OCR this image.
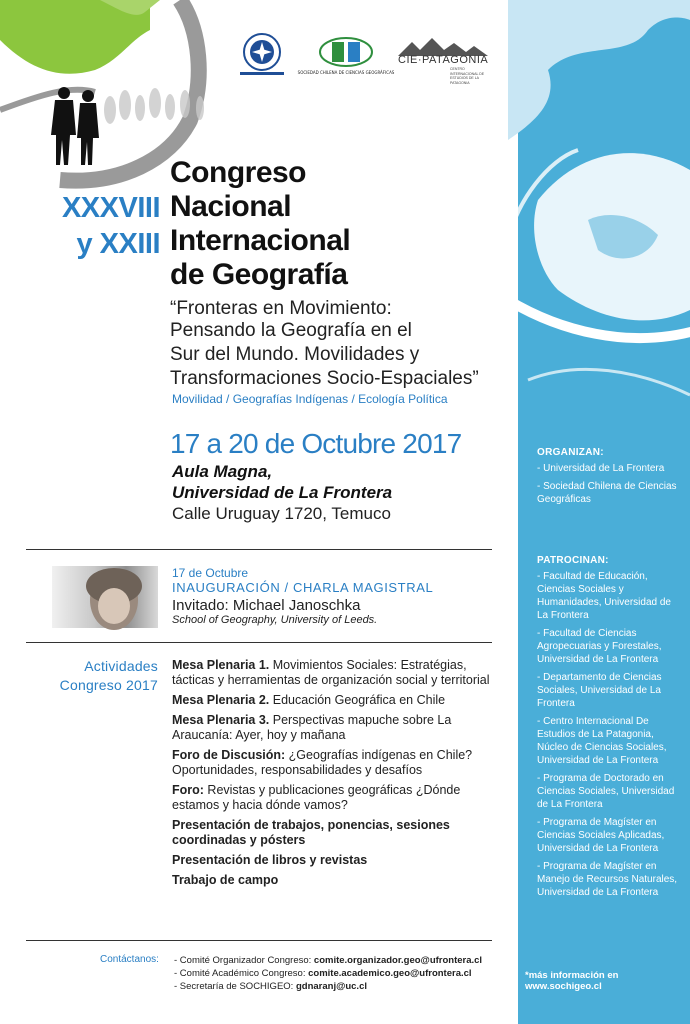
SOCIEDAD CHILENA DE CIENCIAS GEOGRÁFICAS
CIE·PATAGONIA
CENTRO INTERNACIONAL DE ESTUDIOS DE LA PATAGONIA
ORGANIZAN:
- Universidad de La Frontera
- Sociedad Chilena de Ciencias Geográficas
PATROCINAN:
- Facultad de Educación, Ciencias Sociales y Humanidades, Universidad de La Frontera
- Facultad de Ciencias Agropecuarias y Forestales, Universidad de La Frontera
- Departamento de Ciencias Sociales, Universidad de La Frontera
- Centro Internacional De Estudios de La Patagonia, Núcleo de Ciencias Sociales, Universidad de La Frontera
- Programa de Doctorado en Ciencias Sociales, Universidad de La Frontera
- Programa de Magíster en Ciencias Sociales Aplicadas, Universidad de La Frontera
- Programa de Magíster en Manejo de Recursos Naturales, Universidad de La Frontera
*más información en www.sochigeo.cl
XXXVIII
y XXIII
Congreso
Nacional
Internacional
de Geografía
“Fronteras en Movimiento:
Pensando la Geografía en el
Sur del Mundo. Movilidades y
Transformaciones Socio-Espaciales”
Movilidad / Geografías Indígenas / Ecología Política
17 a 20 de Octubre 2017
Aula Magna,
Universidad de La Frontera
Calle Uruguay 1720, Temuco
17 de Octubre
INAUGURACIÓN / CHARLA MAGISTRAL
Invitado: Michael Janoschka
School of Geography, University of Leeds.
Actividades
Congreso 2017
Mesa Plenaria 1. Movimientos Sociales: Estratégias, tácticas y herramientas de organización social y territorial
Mesa Plenaria 2. Educación Geográfica en Chile
Mesa Plenaria 3. Perspectivas mapuche sobre La Araucanía: Ayer, hoy y mañana
Foro de Discusión: ¿Geografías indígenas en Chile? Oportunidades, responsabilidades y desafíos
Foro: Revistas y publicaciones geográficas ¿Dónde estamos y hacia dónde vamos?
Presentación de trabajos, ponencias, sesiones coordinadas y pósters
Presentación de libros y revistas
Trabajo de campo
Contáctanos: - Comité Organizador Congreso: comite.organizador.geo@ufrontera.cl
- Comité Académico Congreso: comite.academico.geo@ufrontera.cl
- Secretaría de SOCHIGEO: gdnaranj@uc.cl
